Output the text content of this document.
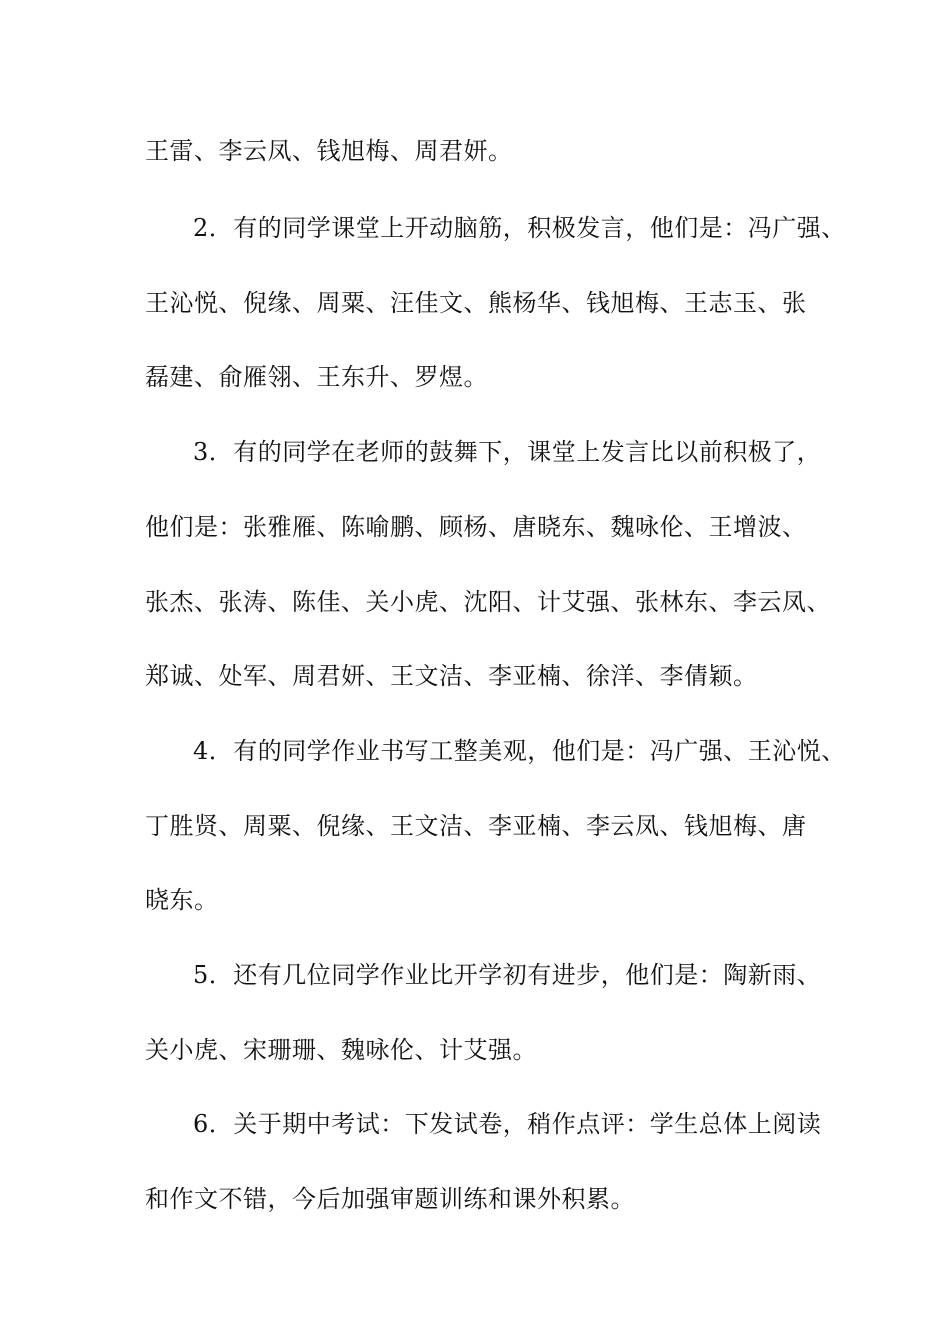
王雷、李云凤、钱旭梅、周君妍。
2．有的同学课堂上开动脑筋，积极发言，他们是：冯广强、
王沁悦、倪缘、周粟、汪佳文、熊杨华、钱旭梅、王志玉、张
磊建、俞雁翎、王东升、罗煜。
3．有的同学在老师的鼓舞下，课堂上发言比以前积极了，
他们是：张雅雁、陈喻鹏、顾杨、唐晓东、魏咏伦、王增波、
张杰、张涛、陈佳、关小虎、沈阳、计艾强、张林东、李云凤、
郑诚、处军、周君妍、王文洁、李亚楠、徐洋、李倩颖。
4．有的同学作业书写工整美观，他们是：冯广强、王沁悦、
丁胜贤、周粟、倪缘、王文洁、李亚楠、李云凤、钱旭梅、唐
晓东。
5．还有几位同学作业比开学初有进步，他们是：陶新雨、
关小虎、宋珊珊、魏咏伦、计艾强。
6．关于期中考试：下发试卷，稍作点评：学生总体上阅读
和作文不错，今后加强审题训练和课外积累。
